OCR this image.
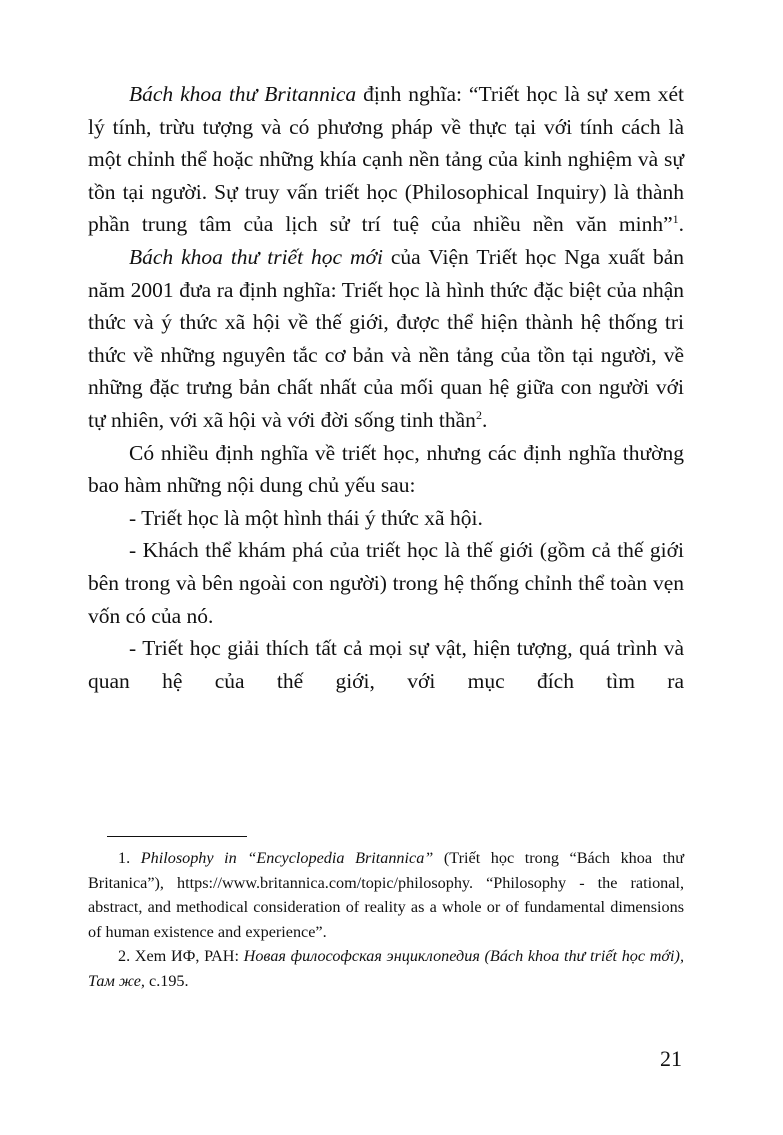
Bách khoa thư Britannica định nghĩa: “Triết học là sự xem xét lý tính, trừu tượng và có phương pháp về thực tại với tính cách là một chỉnh thể hoặc những khía cạnh nền tảng của kinh nghiệm và sự tồn tại người. Sự truy vấn triết học (Philosophical Inquiry) là thành phần trung tâm của lịch sử trí tuệ của nhiều nền văn minh”$^1$.

Bách khoa thư triết học mới của Viện Triết học Nga xuất bản năm 2001 đưa ra định nghĩa: Triết học là hình thức đặc biệt của nhận thức và ý thức xã hội về thế giới, được thể hiện thành hệ thống tri thức về những nguyên tắc cơ bản và nền tảng của tồn tại người, về những đặc trưng bản chất nhất của mối quan hệ giữa con người với tự nhiên, với xã hội và với đời sống tinh thần$^2$.

Có nhiều định nghĩa về triết học, nhưng các định nghĩa thường bao hàm những nội dung chủ yếu sau:

- Triết học là một hình thái ý thức xã hội.

- Khách thể khám phá của triết học là thế giới (gồm cả thế giới bên trong và bên ngoài con người) trong hệ thống chỉnh thể toàn vẹn vốn có của nó.

- Triết học giải thích tất cả mọi sự vật, hiện tượng, quá trình và quan hệ của thế giới, với mục đích tìm ra

1. Philosophy in “Encyclopedia Britannica” (Triết học trong “Bách khoa thư Britanica”), https://www.britannica.com/topic/philosophy. “Philosophy - the rational, abstract, and methodical consideration of reality as a whole or of fundamental dimensions of human existence and experience”.

2. Xem ИФ, РАН: Новая философская энциклопедия (Bách khoa thư triết học mới), Там же, c.195.

21
